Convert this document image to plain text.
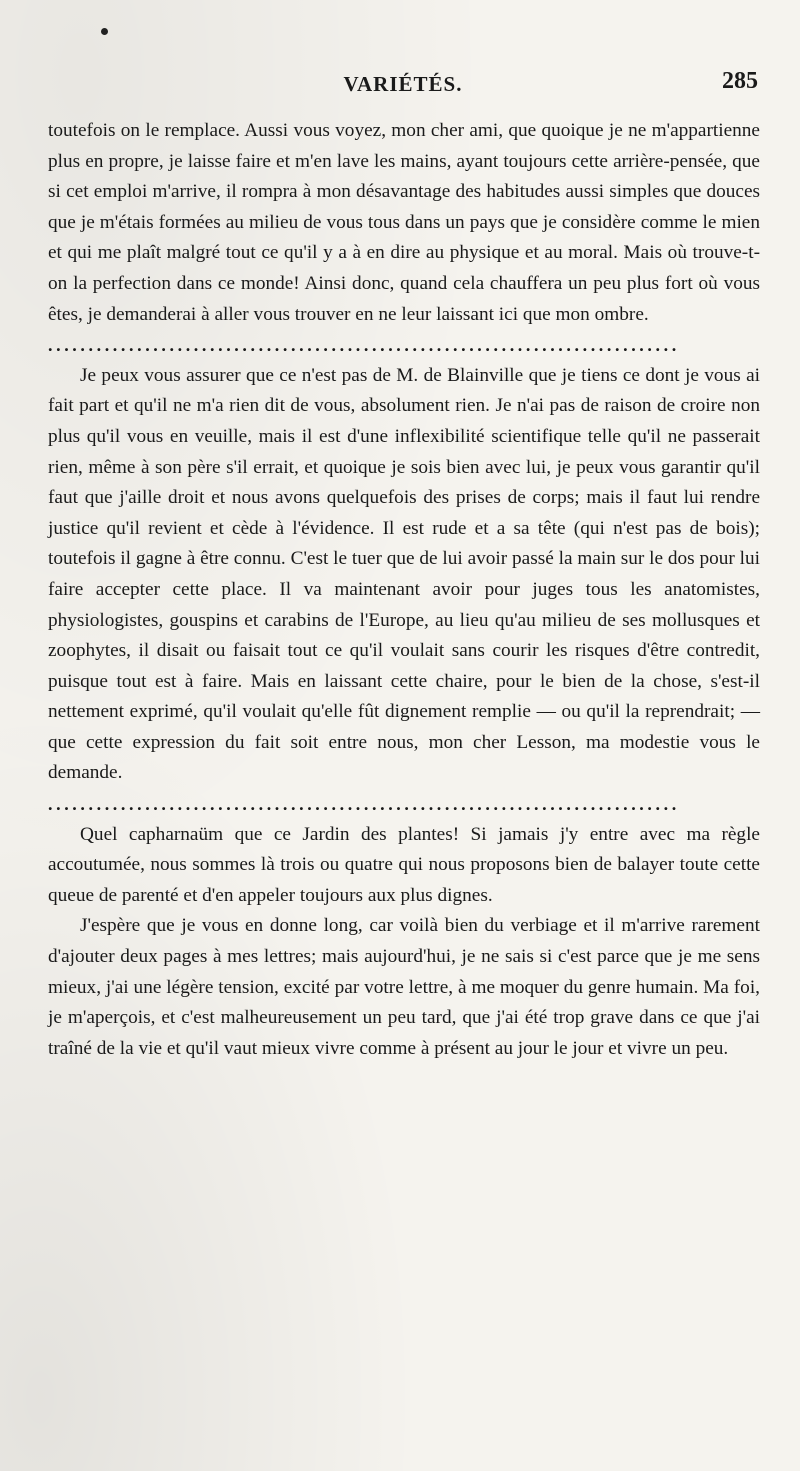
VARIÉTÉS.	285

toutefois on le remplace. Aussi vous voyez, mon cher ami, que quoique je ne m'appartienne plus en propre, je laisse faire et m'en lave les mains, ayant toujours cette arrière-pensée, que si cet emploi m'arrive, il rompra à mon désavantage des habitudes aussi simples que douces que je m'étais formées au milieu de vous tous dans un pays que je considère comme le mien et qui me plaît malgré tout ce qu'il y a à en dire au physique et au moral. Mais où trouve-t-on la perfection dans ce monde! Ainsi donc, quand cela chauffera un peu plus fort où vous êtes, je demanderai à aller vous trouver en ne leur laissant ici que mon ombre.

..............................................................................

Je peux vous assurer que ce n'est pas de M. de Blainville que je tiens ce dont je vous ai fait part et qu'il ne m'a rien dit de vous, absolument rien. Je n'ai pas de raison de croire non plus qu'il vous en veuille, mais il est d'une inflexibilité scientifique telle qu'il ne passerait rien, même à son père s'il errait, et quoique je sois bien avec lui, je peux vous garantir qu'il faut que j'aille droit et nous avons quelquefois des prises de corps; mais il faut lui rendre justice qu'il revient et cède à l'évidence. Il est rude et a sa tête (qui n'est pas de bois); toutefois il gagne à être connu. C'est le tuer que de lui avoir passé la main sur le dos pour lui faire accepter cette place. Il va maintenant avoir pour juges tous les anatomistes, physiologistes, gouspins et carabins de l'Europe, au lieu qu'au milieu de ses mollusques et zoophytes, il disait ou faisait tout ce qu'il voulait sans courir les risques d'être contredit, puisque tout est à faire. Mais en laissant cette chaire, pour le bien de la chose, s'est-il nettement exprimé, qu'il voulait qu'elle fût dignement remplie — ou qu'il la reprendrait; — que cette expression du fait soit entre nous, mon cher Lesson, ma modestie vous le demande.

..............................................................................

Quel capharnaüm que ce Jardin des plantes! Si jamais j'y entre avec ma règle accoutumée, nous sommes là trois ou quatre qui nous proposons bien de balayer toute cette queue de parenté et d'en appeler toujours aux plus dignes.

J'espère que je vous en donne long, car voilà bien du verbiage et il m'arrive rarement d'ajouter deux pages à mes lettres; mais aujourd'hui, je ne sais si c'est parce que je me sens mieux, j'ai une légère tension, excité par votre lettre, à me moquer du genre humain. Ma foi, je m'aperçois, et c'est malheureusement un peu tard, que j'ai été trop grave dans ce que j'ai traîné de la vie et qu'il vaut mieux vivre comme à présent au jour le jour et vivre un peu.
